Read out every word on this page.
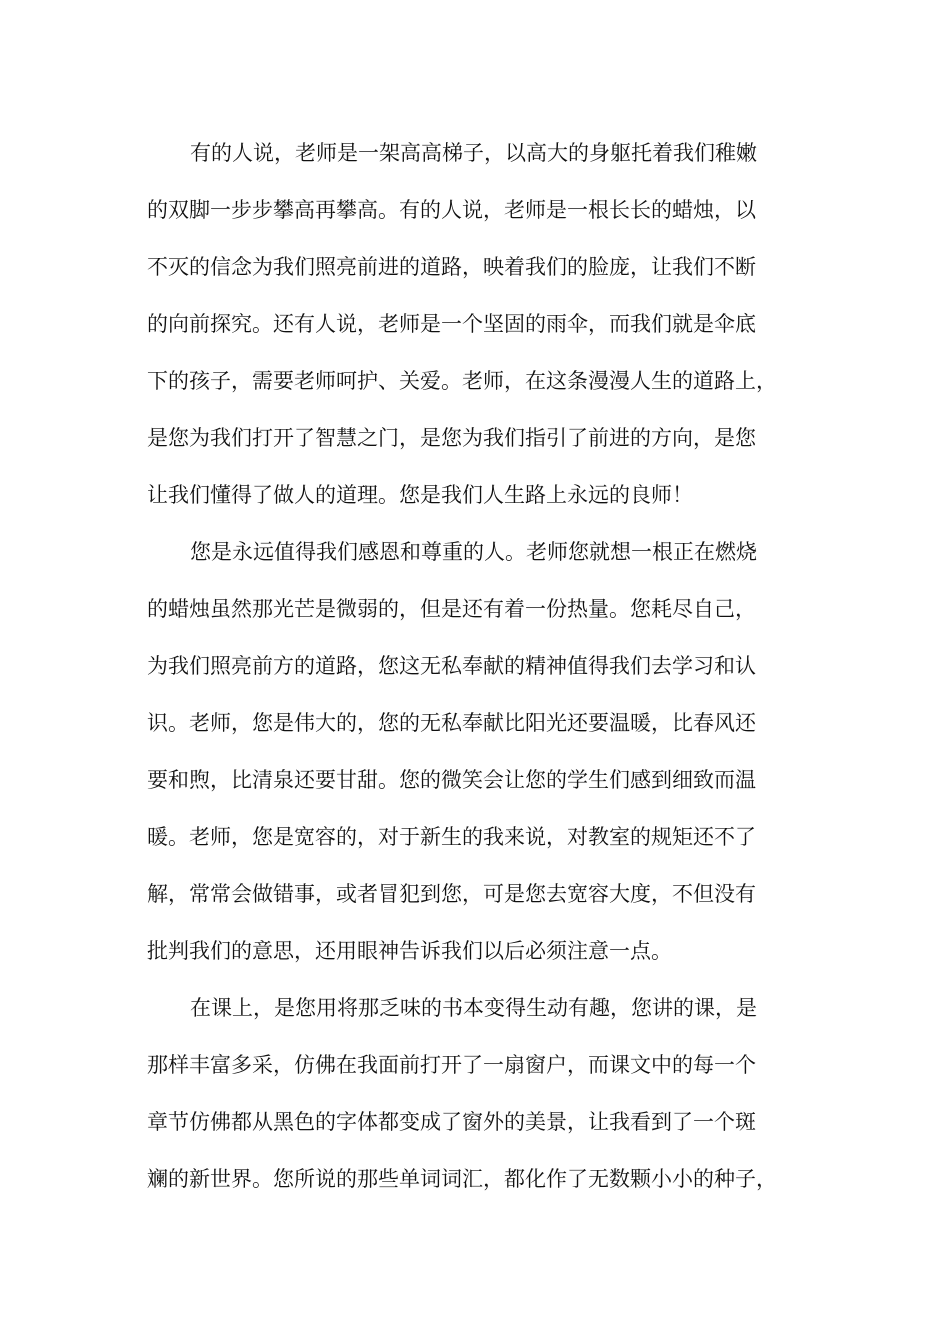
有的人说，老师是一架高高梯子，以高大的身躯托着我们稚嫩
的双脚一步步攀高再攀高。有的人说，老师是一根长长的蜡烛，以
不灭的信念为我们照亮前进的道路，映着我们的脸庞，让我们不断
的向前探究。还有人说，老师是一个坚固的雨伞，而我们就是伞底
下的孩子，需要老师呵护、关爱。老师，在这条漫漫人生的道路上，
是您为我们打开了智慧之门，是您为我们指引了前进的方向，是您
让我们懂得了做人的道理。您是我们人生路上永远的良师！
您是永远值得我们感恩和尊重的人。老师您就想一根正在燃烧
的蜡烛虽然那光芒是微弱的，但是还有着一份热量。您耗尽自己，
为我们照亮前方的道路，您这无私奉献的精神值得我们去学习和认
识。老师，您是伟大的，您的无私奉献比阳光还要温暖，比春风还
要和煦，比清泉还要甘甜。您的微笑会让您的学生们感到细致而温
暖。老师，您是宽容的，对于新生的我来说，对教室的规矩还不了
解，常常会做错事，或者冒犯到您，可是您去宽容大度，不但没有
批判我们的意思，还用眼神告诉我们以后必须注意一点。
在课上，是您用将那乏味的书本变得生动有趣，您讲的课，是
那样丰富多采，仿佛在我面前打开了一扇窗户，而课文中的每一个
章节仿佛都从黑色的字体都变成了窗外的美景，让我看到了一个斑
斓的新世界。您所说的那些单词词汇，都化作了无数颗小小的种子，
